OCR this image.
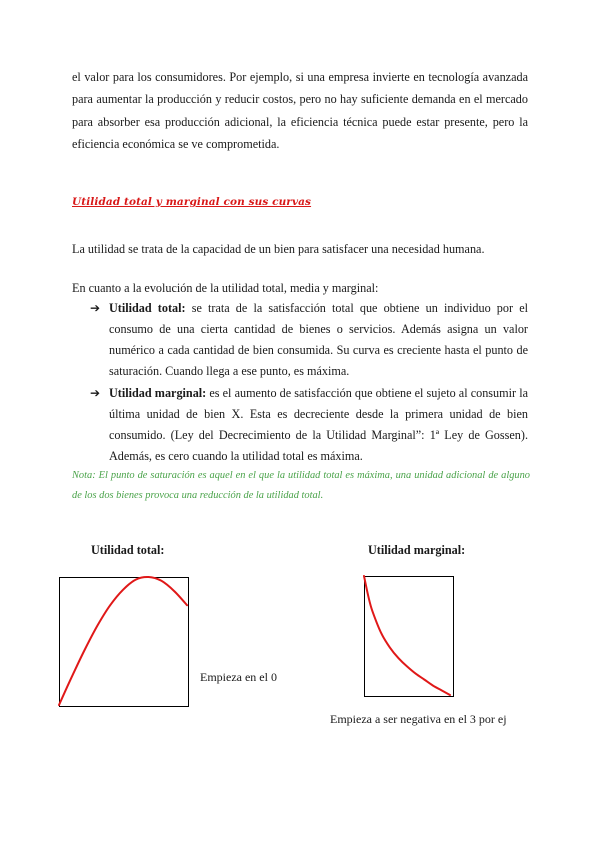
el valor para los consumidores. Por ejemplo, si una empresa invierte en tecnología avanzada para aumentar la producción y reducir costos, pero no hay suficiente demanda en el mercado para absorber esa producción adicional, la eficiencia técnica puede estar presente, pero la eficiencia económica se ve comprometida.

Utilidad total y marginal con sus curvas

La utilidad se trata de la capacidad de un bien para satisfacer una necesidad humana.

En cuanto a la evolución de la utilidad total, media y marginal:

➔ Utilidad total: se trata de la satisfacción total que obtiene un individuo por el consumo de una cierta cantidad de bienes o servicios. Además asigna un valor numérico a cada cantidad de bien consumida. Su curva es creciente hasta el punto de saturación. Cuando llega a ese punto, es máxima.
➔ Utilidad marginal: es el aumento de satisfacción que obtiene el sujeto al consumir la última unidad de bien X. Esta es decreciente desde la primera unidad de bien consumido. (Ley del Decrecimiento de la Utilidad Marginal”: 1ª Ley de Gossen). Además, es cero cuando la utilidad total es máxima.

Nota: El punto de saturación es aquel en el que la utilidad total es máxima, una unidad adicional de alguno de los dos bienes provoca una reducción de la utilidad total.

Utilidad total:	Utilidad marginal:

Empieza en el 0

Empieza a ser negativa en el 3 por ej
